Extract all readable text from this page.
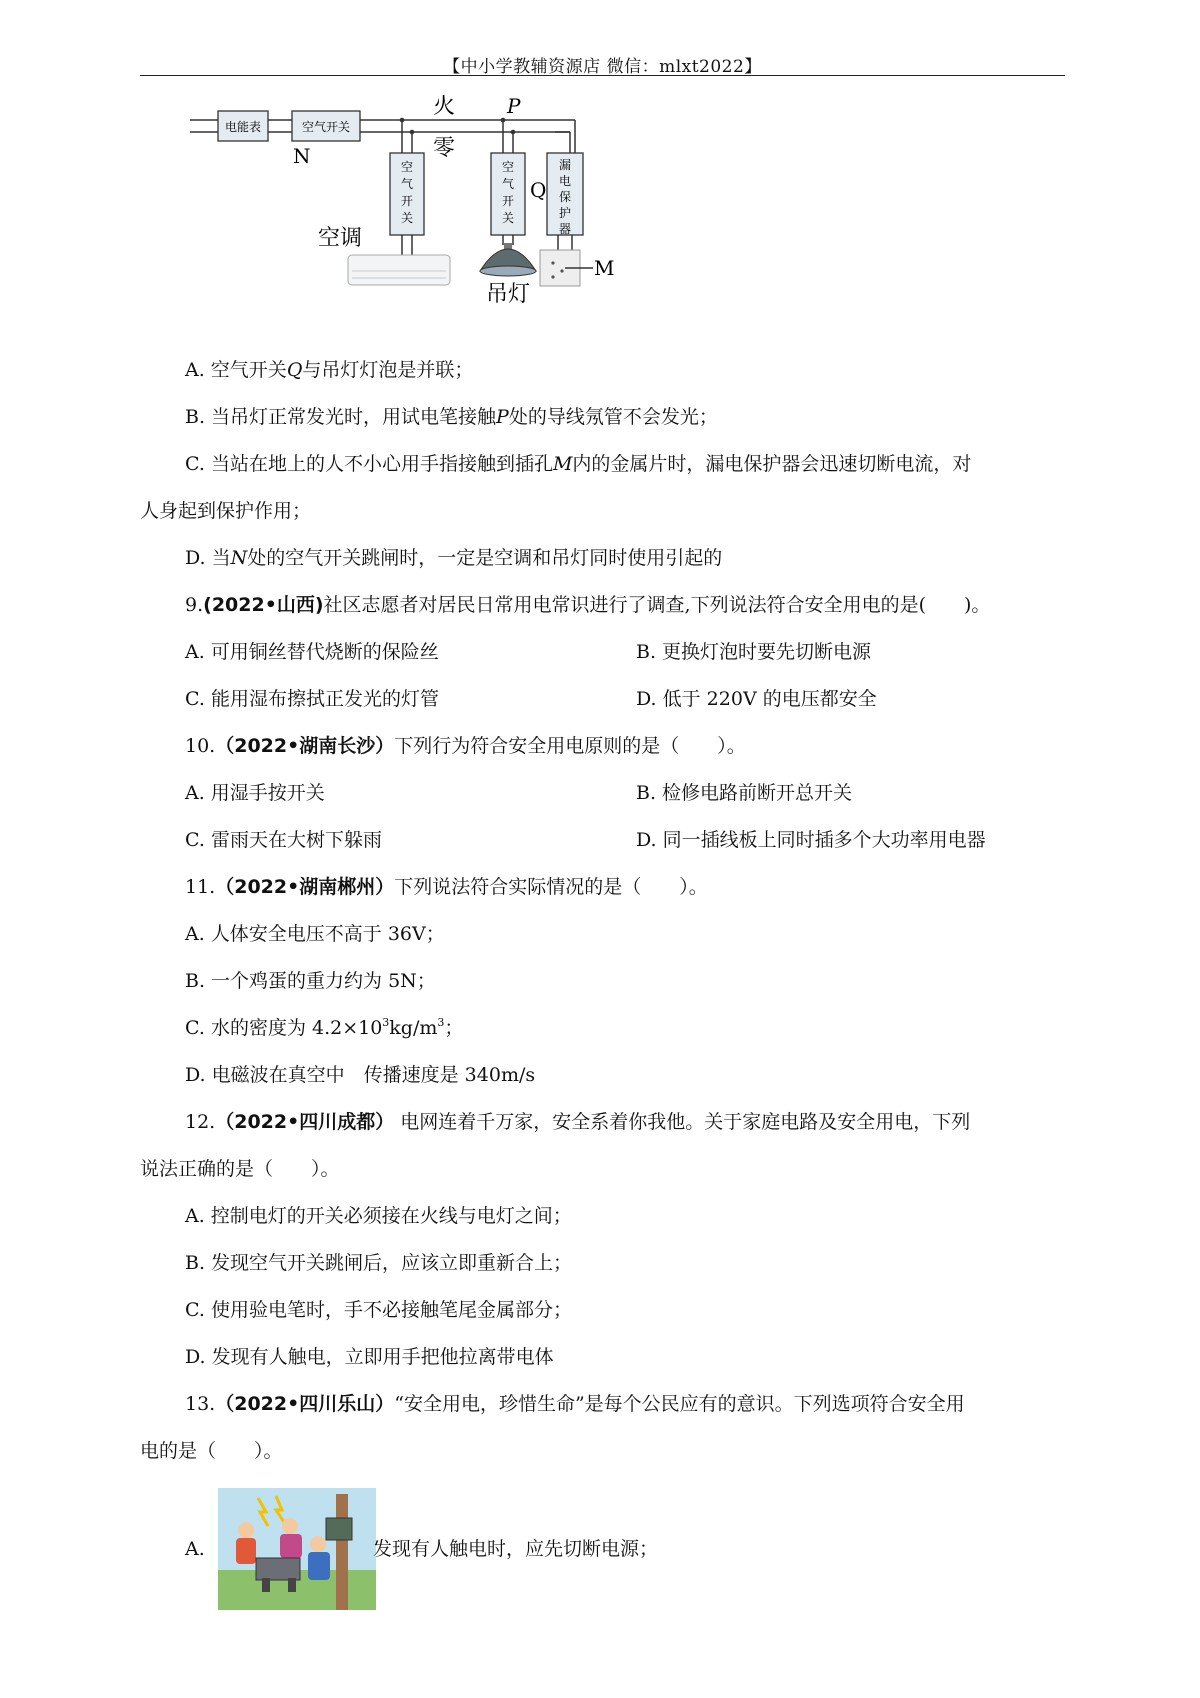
【中小学教辅资源店 微信：mlxt2022】
电能表	空气开关
N
火
零
P
空气开关
空气开关
Q
漏电保护器
空调
吊灯
M
A. 空气开关Q与吊灯灯泡是并联；
B. 当吊灯正常发光时，用试电笔接触P处的导线氖管不会发光；
C. 当站在地上的人不小心用手指接触到插孔M内的金属片时，漏电保护器会迅速切断电流，对
人身起到保护作用；
D. 当N处的空气开关跳闸时，一定是空调和吊灯同时使用引起的
9.(2022•山西)社区志愿者对居民日常用电常识进行了调查,下列说法符合安全用电的是(　　)。
A. 可用铜丝替代烧断的保险丝	B. 更换灯泡时要先切断电源
C. 能用湿布擦拭正发光的灯管	D. 低于 220V 的电压都安全
10.（2022•湖南长沙）下列行为符合安全用电原则的是（　　）。
A. 用湿手按开关	B. 检修电路前断开总开关
C. 雷雨天在大树下躲雨	D. 同一插线板上同时插多个大功率用电器
11.（2022•湖南郴州）下列说法符合实际情况的是（　　）。
A. 人体安全电压不高于 36V；
B. 一个鸡蛋的重力约为 5N；
C. 水的密度为 $4.2\times 10^3kg/m^3$；
D. 电磁波在真空中　传播速度是 340m/s
12.（2022•四川成都） 电网连着千万家，安全系着你我他。关于家庭电路及安全用电，下列
说法正确的是（　　）。
A. 控制电灯的开关必须接在火线与电灯之间；
B. 发现空气开关跳闸后，应该立即重新合上；
C. 使用验电笔时，手不必接触笔尾金属部分；
D. 发现有人触电，立即用手把他拉离带电体
13.（2022•四川乐山）“安全用电，珍惜生命”是每个公民应有的意识。下列选项符合安全用
电的是（　　）。
A.	发现有人触电时，应先切断电源；
